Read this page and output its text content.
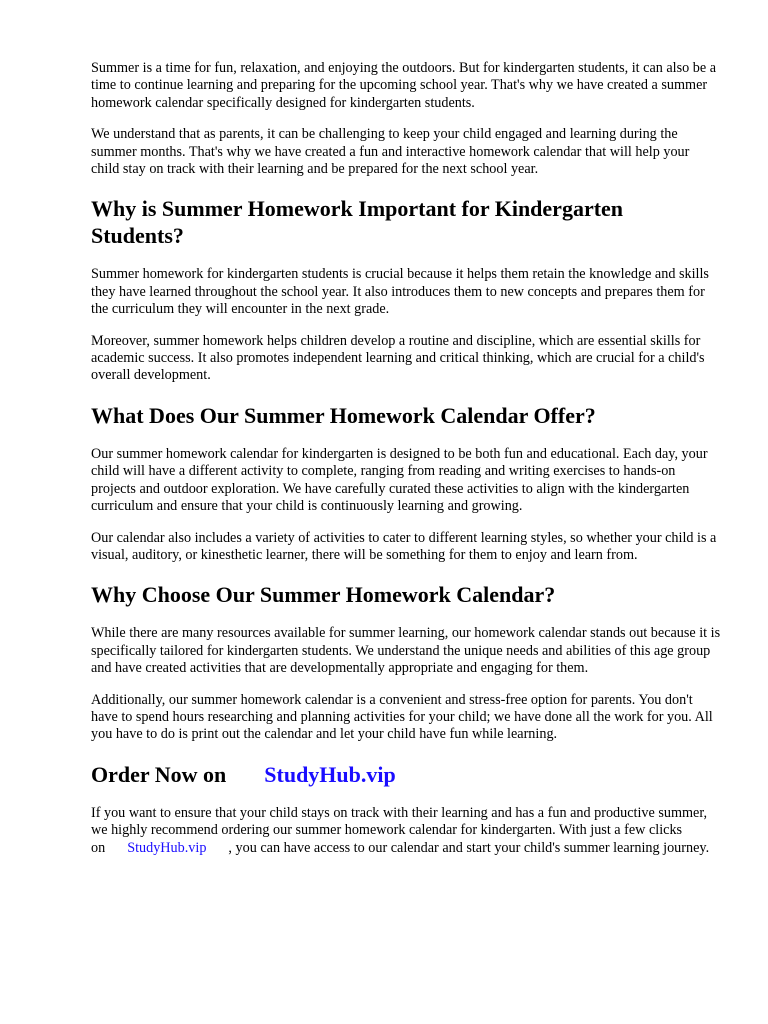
Summer is a time for fun, relaxation, and enjoying the outdoors. But for kindergarten students, it can also be a time to continue learning and preparing for the upcoming school year. That's why we have created a summer homework calendar specifically designed for kindergarten students.

We understand that as parents, it can be challenging to keep your child engaged and learning during the summer months. That's why we have created a fun and interactive homework calendar that will help your child stay on track with their learning and be prepared for the next school year.

Why is Summer Homework Important for Kindergarten Students?

Summer homework for kindergarten students is crucial because it helps them retain the knowledge and skills they have learned throughout the school year. It also introduces them to new concepts and prepares them for the curriculum they will encounter in the next grade.

Moreover, summer homework helps children develop a routine and discipline, which are essential skills for academic success. It also promotes independent learning and critical thinking, which are crucial for a child's overall development.

What Does Our Summer Homework Calendar Offer?

Our summer homework calendar for kindergarten is designed to be both fun and educational. Each day, your child will have a different activity to complete, ranging from reading and writing exercises to hands-on projects and outdoor exploration. We have carefully curated these activities to align with the kindergarten curriculum and ensure that your child is continuously learning and growing.

Our calendar also includes a variety of activities to cater to different learning styles, so whether your child is a visual, auditory, or kinesthetic learner, there will be something for them to enjoy and learn from.

Why Choose Our Summer Homework Calendar?

While there are many resources available for summer learning, our homework calendar stands out because it is specifically tailored for kindergarten students. We understand the unique needs and abilities of this age group and have created activities that are developmentally appropriate and engaging for them.

Additionally, our summer homework calendar is a convenient and stress-free option for parents. You don't have to spend hours researching and planning activities for your child; we have done all the work for you. All you have to do is print out the calendar and let your child have fun while learning.

Order Now on StudyHub.vip

If you want to ensure that your child stays on track with their learning and has a fun and productive summer, we highly recommend ordering our summer homework calendar for kindergarten. With just a few clicks on StudyHub.vip , you can have access to our calendar and start your child's summer learning journey.
